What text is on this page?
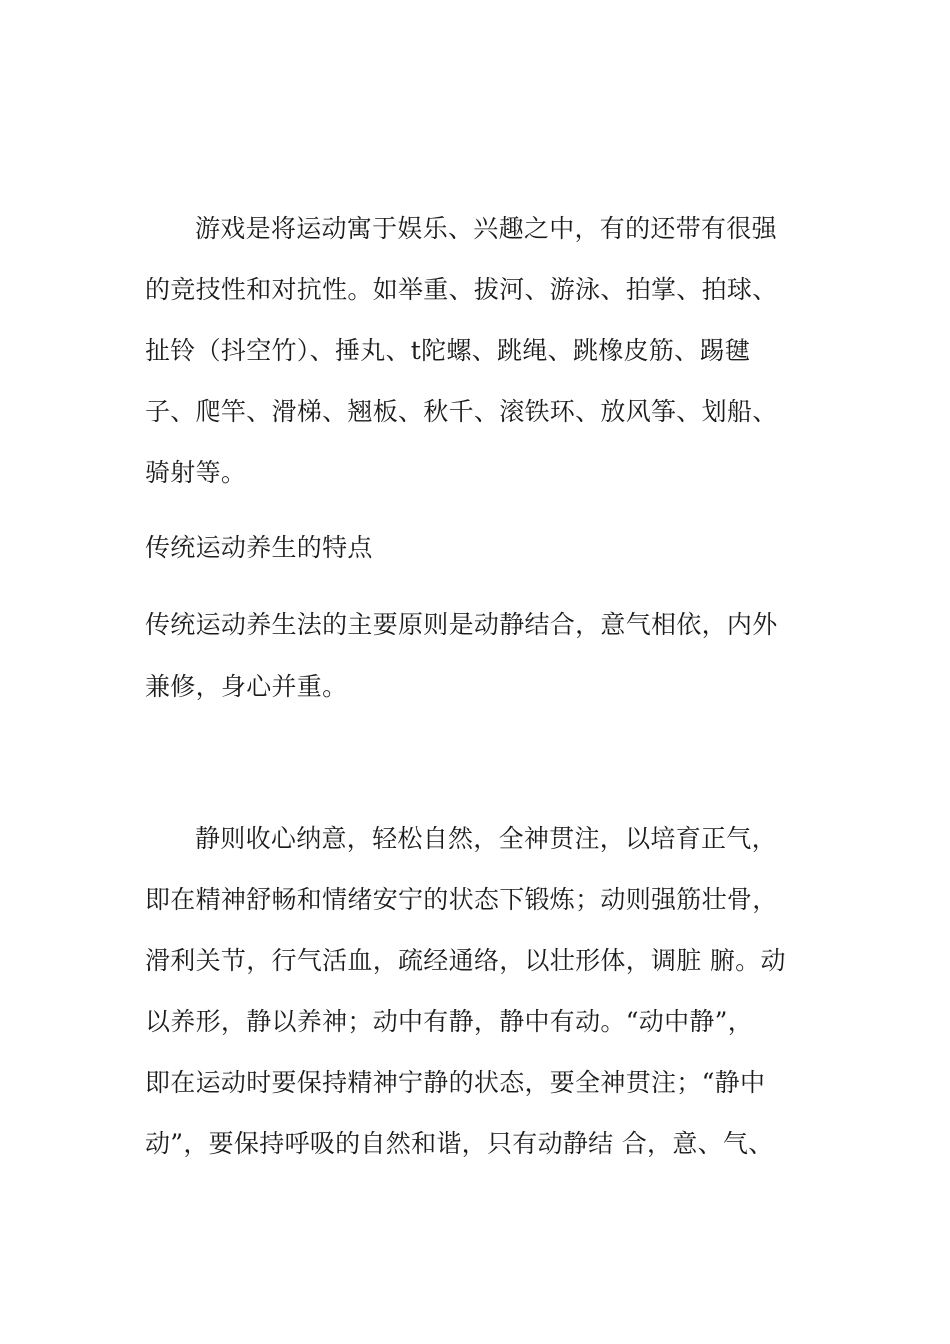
游戏是将运动寓于娱乐、兴趣之中，有的还带有很强
的竞技性和对抗性。如举重、拔河、游泳、拍掌、拍球、
扯铃（抖空竹）、捶丸、t陀螺、跳绳、跳橡皮筋、踢毽
子、爬竿、滑梯、翘板、秋千、滚铁环、放风筝、划船、
骑射等。
传统运动养生的特点
传统运动养生法的主要原则是动静结合，意气相依，内外
兼修，身心并重。
静则收心纳意，轻松自然，全神贯注，以培育正气，
即在精神舒畅和情绪安宁的状态下锻炼；动则强筋壮骨，
滑利关节，行气活血，疏经通络，以壮形体，调脏 腑。动
以养形，静以养神；动中有静，静中有动。“动中静”，
即在运动时要保持精神宁静的状态，要全神贯注；“静中
动”，要保持呼吸的自然和谐，只有动静结 合，意、气、
